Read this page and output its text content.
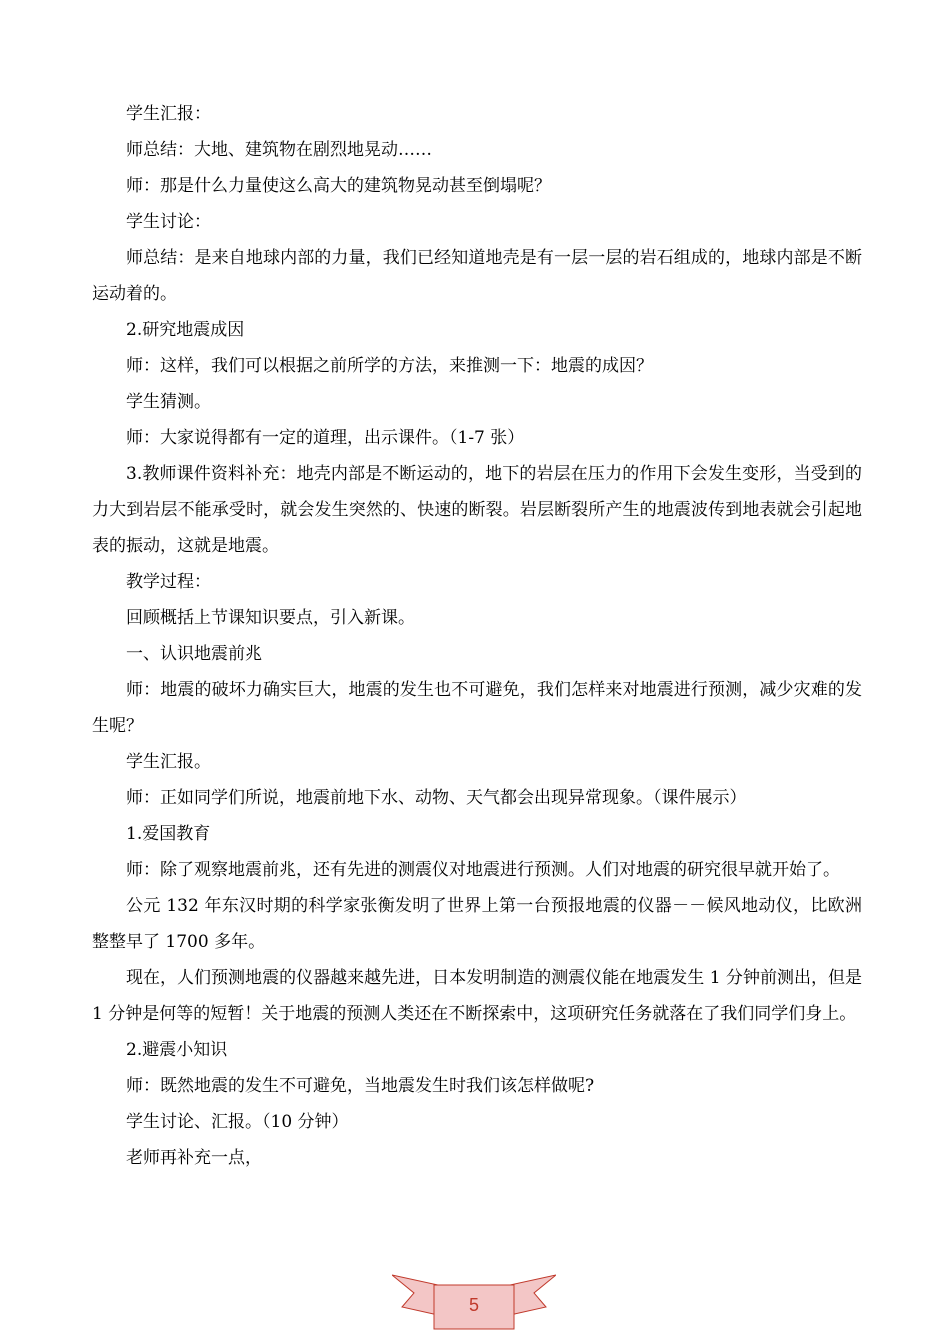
学生汇报：

师总结：大地、建筑物在剧烈地晃动……

师：那是什么力量使这么高大的建筑物晃动甚至倒塌呢？

学生讨论：

师总结：是来自地球内部的力量，我们已经知道地壳是有一层一层的岩石组成的，地球内部是不断运动着的。

2.研究地震成因

师：这样，我们可以根据之前所学的方法，来推测一下：地震的成因？

学生猜测。

师：大家说得都有一定的道理，出示课件。（1-7 张）

3.教师课件资料补充：地壳内部是不断运动的，地下的岩层在压力的作用下会发生变形，当受到的力大到岩层不能承受时，就会发生突然的、快速的断裂。岩层断裂所产生的地震波传到地表就会引起地表的振动，这就是地震。

教学过程：

回顾概括上节课知识要点，引入新课。

一、认识地震前兆

师：地震的破坏力确实巨大，地震的发生也不可避免，我们怎样来对地震进行预测，减少灾难的发生呢？

学生汇报。

师：正如同学们所说，地震前地下水、动物、天气都会出现异常现象。（课件展示）

1.爱国教育

师：除了观察地震前兆，还有先进的测震仪对地震进行预测。人们对地震的研究很早就开始了。

公元 132 年东汉时期的科学家张衡发明了世界上第一台预报地震的仪器－－候风地动仪，比欧洲整整早了 1700 多年。

现在，人们预测地震的仪器越来越先进，日本发明制造的测震仪能在地震发生 1 分钟前测出，但是 1 分钟是何等的短暂！关于地震的预测人类还在不断探索中，这项研究任务就落在了我们同学们身上。

2.避震小知识

师：既然地震的发生不可避免，当地震发生时我们该怎样做呢?

学生讨论、汇报。（10 分钟）

老师再补充一点，

5
